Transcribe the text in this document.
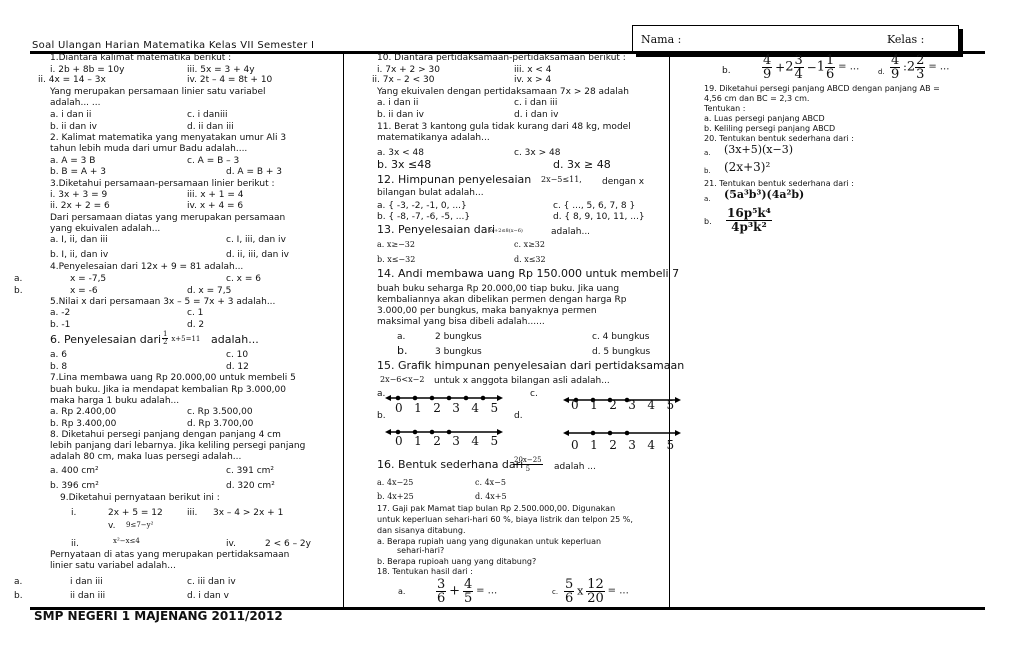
Soal Ulangan Harian Matematika Kelas VII Semester I	Nama :	Kelas :
SMP NEGERI 1 MAJENANG 2011/2012
1.Diantara kalimat matematika berikut :
i. 2b + 8b = 10y	iii. 5x = 3 + 4y
ii. 4x = 14 – 3x	iv. 2t – 4 = 8t + 10
Yang merupakan persamaan linier satu variabel
adalah... ...
a. i dan ii	c. i daniii
b. ii dan iv	d. ii dan iii
2. Kalimat matematika yang menyatakan umur Ali 3
tahun lebih muda dari umur Badu adalah....
a. A = 3 B	c. A = B – 3
b. B = A + 3	d. A = B + 3
3.Diketahui persamaan-persamaan linier berikut :
i. 3x + 3 = 9	iii. x + 1 = 4
ii. 2x + 2 = 6	iv. x + 4 = 6
Dari persamaan diatas yang merupakan persamaan
yang ekuivalen adalah...
a. I, ii, dan iii	c. I, iii, dan iv
b. I, ii, dan iv	d. ii, iii, dan iv
4.Penyelesaian dari 12x + 9 = 81 adalah...
a.	x = -7,5	c. x = 6
b.	x = -6	d. x = 7,5
5.Nilai x dari persamaan 3x – 5 = 7x + 3 adalah...
a. -2	c. 1
b. -1	d. 2
6. Penyelesaian dari $\frac{1}{2} x+5=11$ adalah...
a. 6	c. 10
b. 8	d. 12
7.Lina membawa uang Rp 20.000,00 untuk membeli 5
buah buku. Jika ia mendapat kembalian Rp 3.000,00
maka harga 1 buku adalah...
a. Rp 2.400,00	c. Rp 3.500,00
b. Rp 3.400,00	d. Rp 3.700,00
8. Diketahui persegi panjang dengan panjang 4 cm
lebih panjang dari lebarnya. Jika keliling persegi panjang
adalah 80 cm, maka luas persegi adalah...
a. 400 cm²	c. 391 cm²
b. 396 cm²	d. 320 cm²
9.Diketahui pernyataan berikut ini :
i.	2x + 5 = 12	iii. 3x – 4 > 2x + 1
v. 9≤7−y²
ii.	x²−x≤4	iv.	2 < 6 – 2y
Pernyataan di atas yang merupakan pertidaksamaan
linier satu variabel adalah...
a.	i dan iii	c. iii dan iv
b.	ii dan iii	d. i dan v
10. Diantara pertidaksamaan-pertidaksamaan berikut :
i. 7x + 2 > 30	iii. x < 4
ii. 7x – 2 < 30	iv. x > 4
Yang ekuivalen dengan pertidaksamaan 7x > 28 adalah
a. i dan ii	c. i dan iii
b. ii dan iv	d. i dan iv
11. Berat 3 kantong gula tidak kurang dari 48 kg, model
matematikanya adalah...
a. 3x < 48	c. 3x > 48
b. 3x ≤48	d. 3x ≥ 48
12. Himpunan penyelesaian 2x−5≤11, dengan x
bilangan bulat adalah...
a. { -3, -2, -1, 0, ...}	c. { ..., 5, 6, 7, 8 }
b. { -8, -7, -6, -5, ...}	d. { 8, 9, 10, 11, ...}
13. Penyelesaian dari
6x+2≤8(x−6)	adalah...
a. x≥−32	c. x≥32
b. x≤−32	d. x≤32
14. Andi membawa uang Rp 150.000 untuk membeli 7
buah buku seharga Rp 20.000,00 tiap buku. Jika uang
kembaliannya akan dibelikan permen dengan harga Rp
3.000,00 per bungkus, maka banyaknya permen
maksimal yang bisa dibeli adalah......
a.	2 bungkus	c. 4 bungkus
b.	3 bungkus	d. 5 bungkus
15. Grafik himpunan penyelesaian dari pertidaksamaan
2x−6<x−2 untuk x anggota bilangan asli adalah...
a.	c.
b.	d.
0 1 2 3 4 5	0 1 2 3 4 5
0 1 2 3 4 5	0 1 2 3 4 5
16. Bentuk sederhana dari
$\frac{20x-25}{5}$ adalah ...
a. 4x−25	c. 4x−5
b. 4x+25	d. 4x+5
17. Gaji pak Mamat tiap bulan Rp 2.500.000,00. Digunakan
untuk keperluan sehari-hari 60 %, biaya listrik dan telpon 25 %,
dan sisanya ditabung.
a. Berapa rupiah uang yang digunakan untuk keperluan
sehari-hari?
b. Berapa rupioah uang yang ditabung?
18. Tentukan hasil dari :
a. $\frac{3}{6} + \frac{4}{5}$ = ...	c. $\frac{5}{6}$ x $\frac{12}{20}$ = ...
b. $\frac{4}{9} +2 \frac{3}{4} -1 \frac{1}{6}$ = ...	d. $\frac{4}{9}$ :2 $\frac{2}{3}$ = ...
19. Diketahui persegi panjang ABCD dengan panjang AB =
4,56 cm dan BC = 2,3 cm.
Tentukan :
a. Luas persegi panjang ABCD
b. Keliling persegi panjang ABCD
20. Tentukan bentuk sederhana dari :
a. (3x+5)(x−3)
b. (2x+3)²
21. Tentukan bentuk sederhana dari :
a. (5a³b³)(4a²b)
b. $\frac{\text{16p⁵k⁴}}{\text{4p³k²}}$
